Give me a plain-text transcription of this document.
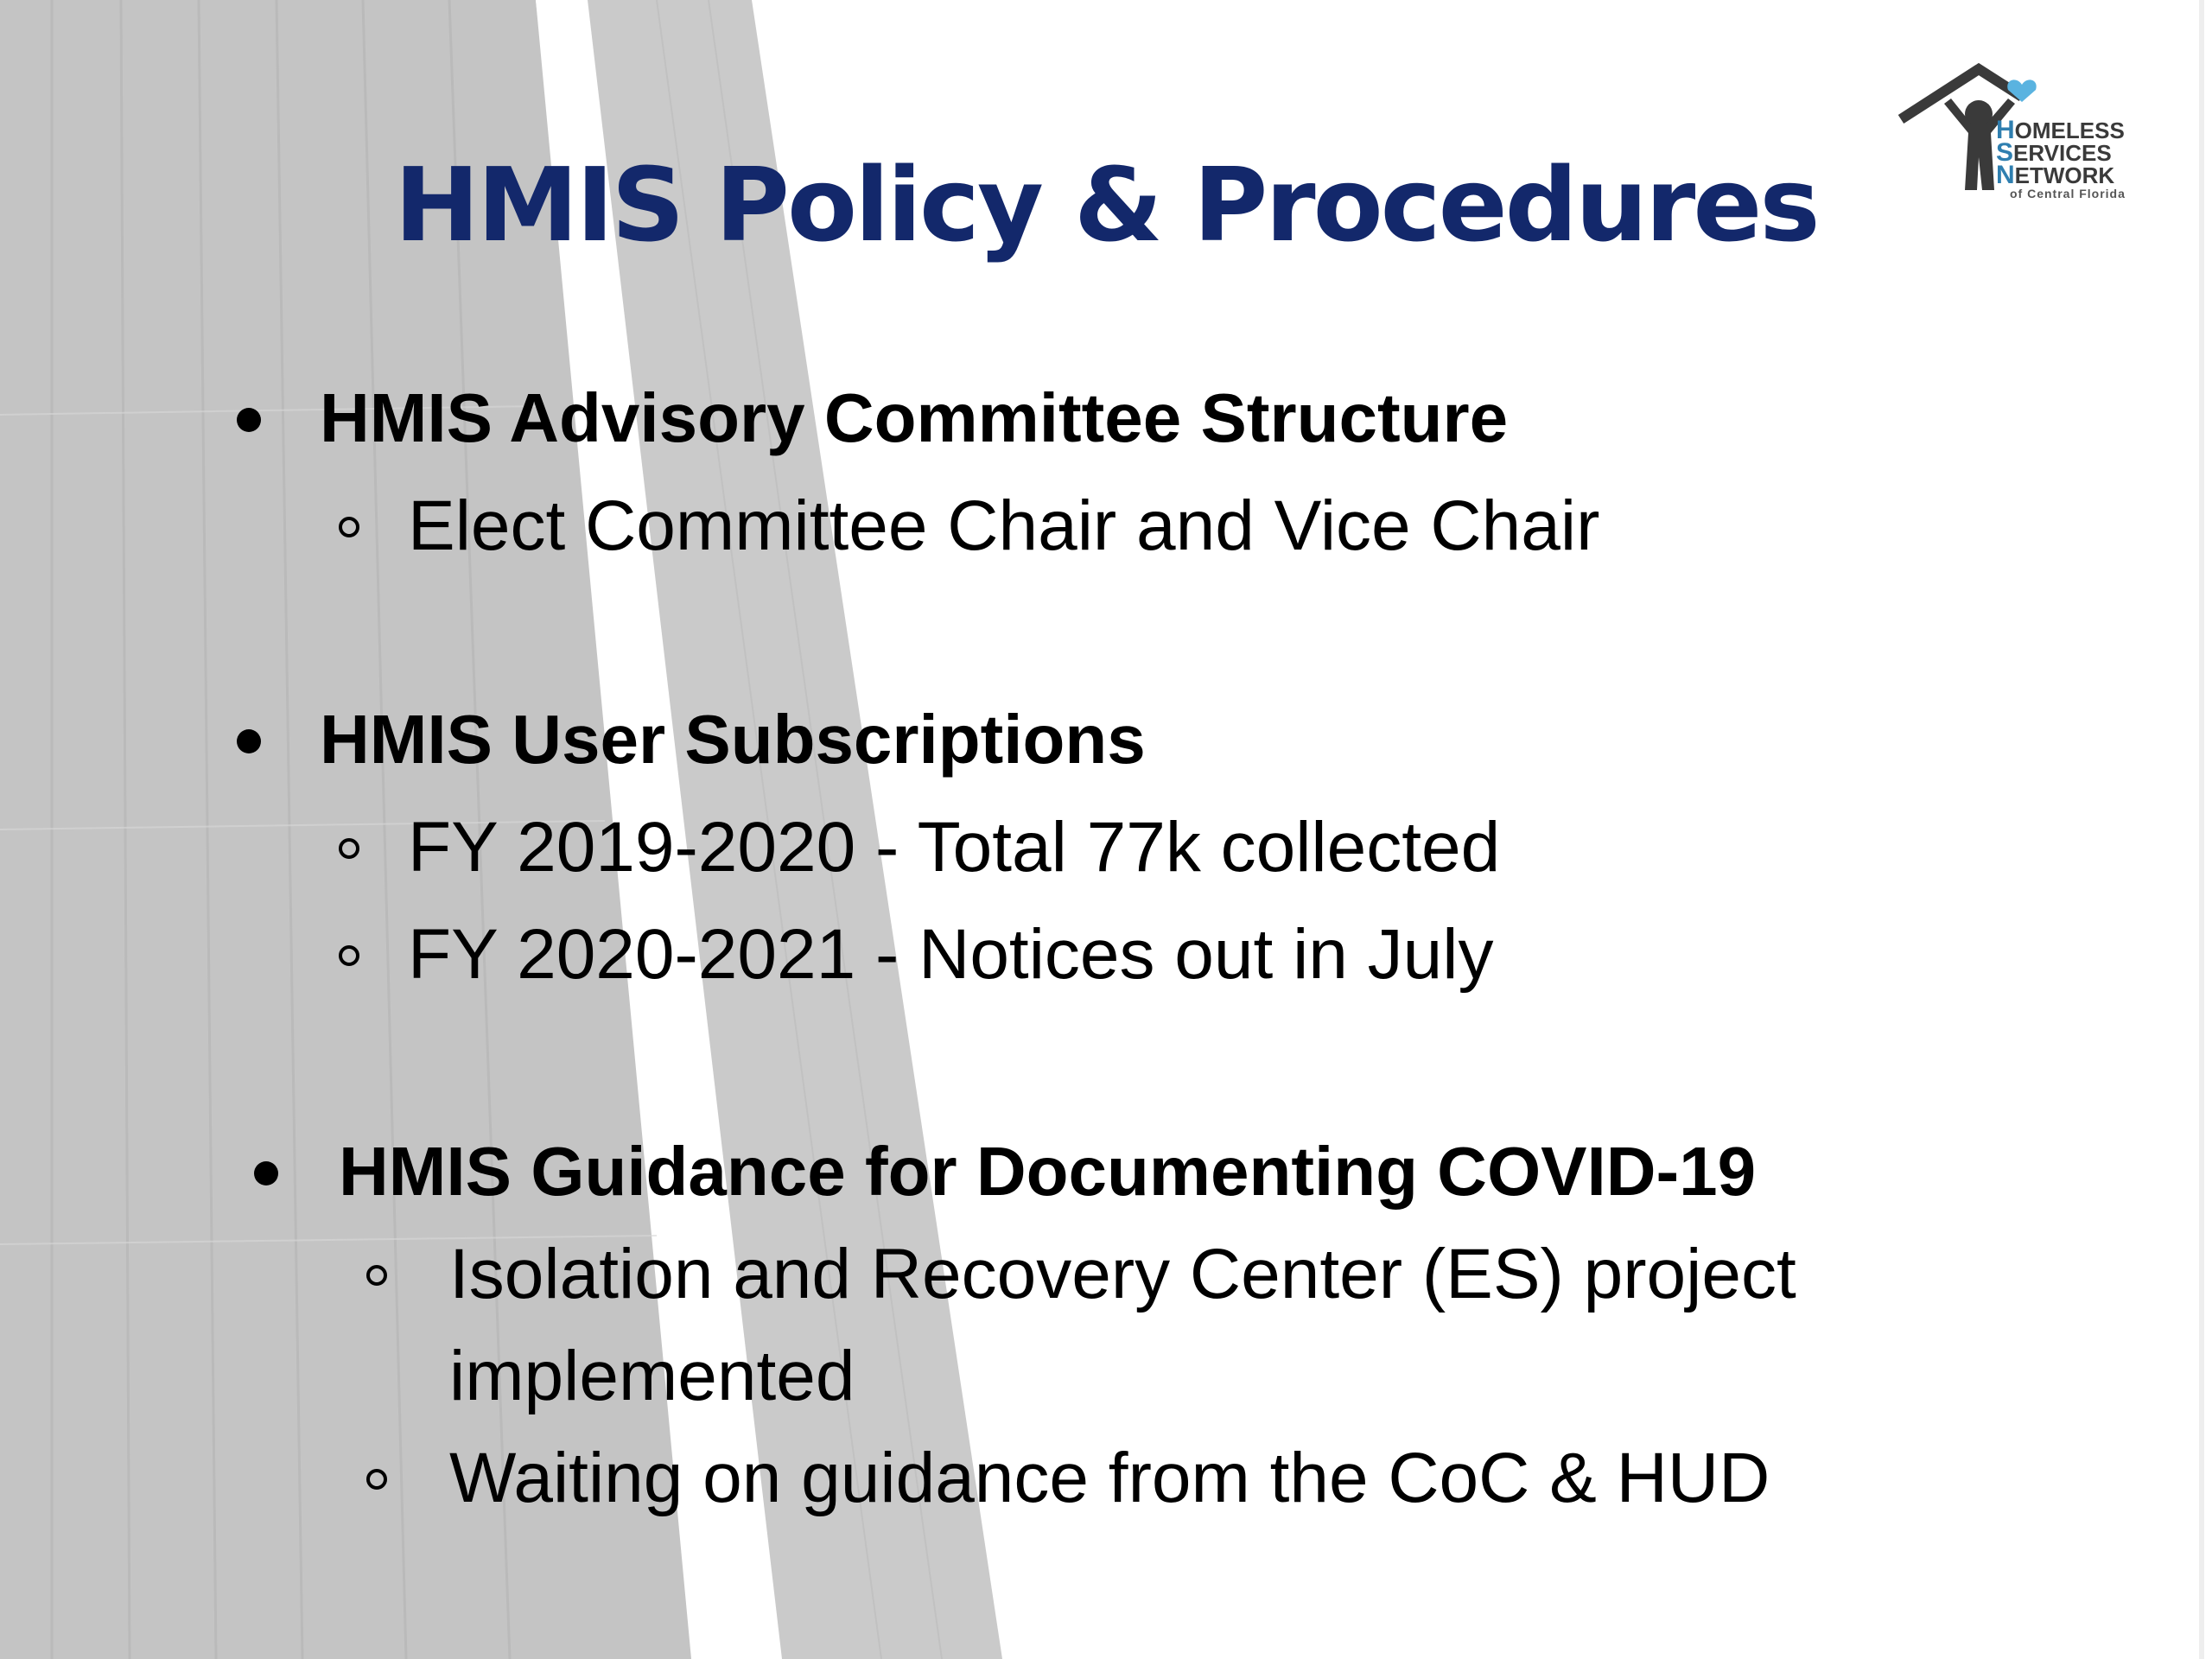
HMIS Policy & Procedures
HOMELESS
SERVICES
NETWORK
of Central Florida
HMIS Advisory Committee Structure
Elect Committee Chair and Vice Chair
HMIS User Subscriptions
FY 2019-2020 - Total 77k collected
FY 2020-2021 - Notices out in July
HMIS Guidance for Documenting COVID-19
Isolation and Recovery Center (ES) project
implemented
Waiting on guidance from the CoC & HUD
